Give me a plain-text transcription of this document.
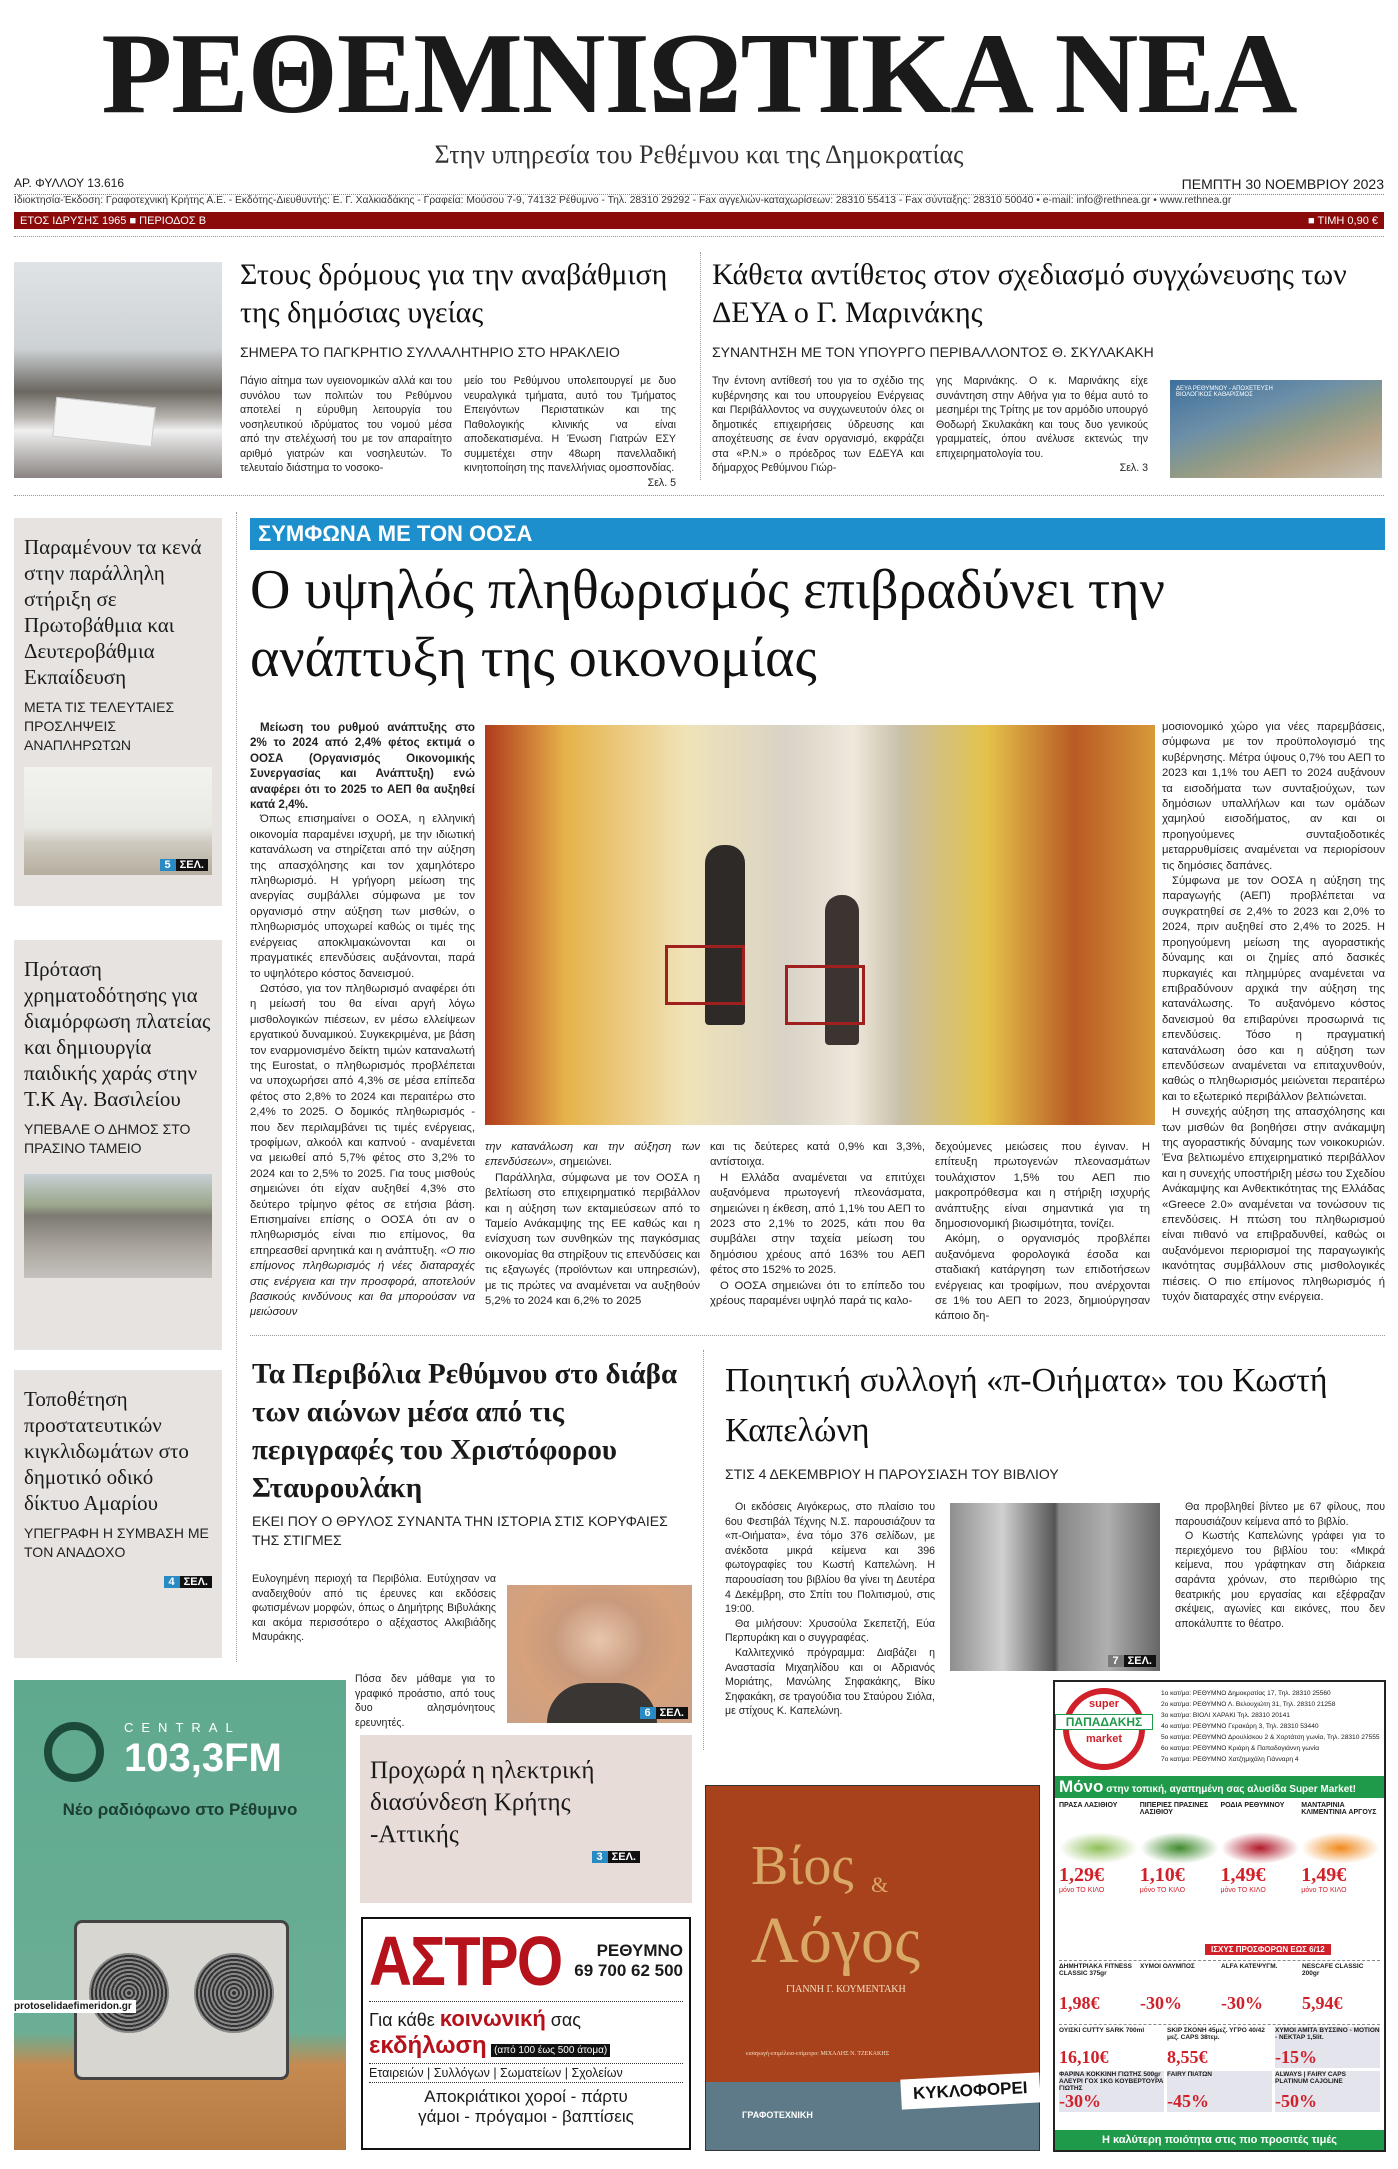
ΡΕΘΕΜΝΙΩΤΙΚΑ ΝΕΑ
Στην υπηρεσία του Ρεθέμνου και της Δημοκρατίας
ΑΡ. ΦΥΛΛΟΥ 13.616	ΠΕΜΠΤΗ 30 ΝΟΕΜΒΡΙΟΥ 2023
Ιδιοκτησία-Έκδοση: Γραφοτεχνική Κρήτης Α.Ε. - Εκδότης-Διευθυντής: Ε. Γ. Χαλκιαδάκης - Γραφεία: Μούσου 7-9, 74132 Ρέθυμνο - Τηλ. 28310 29292 - Fax αγγελιών-καταχωρίσεων: 28310 55413 - Fax σύνταξης: 28310 50040 • e-mail: info@rethnea.gr • www.rethnea.gr
ΕΤΟΣ ΙΔΡΥΣΗΣ 1965 ■ ΠΕΡΙΟΔΟΣ Β	■ ΤΙΜΗ 0,90 €
Στους δρόμους για την αναβάθμιση της δημόσιας υγείας
ΣΗΜΕΡΑ ΤΟ ΠΑΓΚΡΗΤΙΟ ΣΥΛΛΑΛΗΤΗΡΙΟ ΣΤΟ ΗΡΑΚΛΕΙΟ
Πάγιο αίτημα των υγειονομικών αλλά και του συνόλου των πολιτών του Ρεθύμνου αποτελεί η εύρυθμη λειτουργία του νοσηλευτικού ιδρύματος του νομού μέσα από την στελέχωσή του με τον απαραίτητο αριθμό γιατρών και νοσηλευτών. Το τελευταίο διάστημα το νοσοκο-
μείο του Ρεθύμνου υπολειτουργεί με δυο νευραλγικά τμήματα, αυτό του Τμήματος Επειγόντων Περιστατικών και της Παθολογικής κλινικής να είναι αποδεκατισμένα. Η Ένωση Γιατρών ΕΣΥ συμμετέχει στην 48ωρη πανελλαδική κινητοποίηση της πανελλήνιας ομοσπονδίας.
Σελ. 5
Κάθετα αντίθετος στον σχεδιασμό συγχώνευσης των ΔΕΥΑ ο Γ. Μαρινάκης
ΣΥΝΑΝΤΗΣΗ ΜΕ ΤΟΝ ΥΠΟΥΡΓΟ ΠΕΡΙΒΑΛΛΟΝΤΟΣ Θ. ΣΚΥΛΑΚΑΚΗ
Την έντονη αντίθεσή του για το σχέδιο της κυβέρνησης και του υπουργείου Ενέργειας και Περιβάλλοντος να συγχωνευτούν όλες οι δημοτικές επιχειρήσεις ύδρευσης και αποχέτευσης σε έναν οργανισμό, εκφράζει στα «Ρ.Ν.» ο πρόεδρος των ΕΔΕΥΑ και δήμαρχος Ρεθύμνου Γιώρ-
γης Μαρινάκης. Ο κ. Μαρινάκης είχε συνάντηση στην Αθήνα για το θέμα αυτό το μεσημέρι της Τρίτης με τον αρμόδιο υπουργό Θοδωρή Σκυλακάκη και τους δυο γενικούς γραμματείς, όπου ανέλυσε εκτενώς την επιχειρηματολογία του.

Σελ. 3
ΔΕΥΑ ΡΕΘΥΜΝΟΥ - ΑΠΟΧΕΤΕΥΣΗ ΒΙΟΛΟΓΙΚΟΣ ΚΑΘΑΡΙΣΜΟΣ
Παραμένουν τα κενά στην παράλληλη στήριξη σε Πρωτοβάθμια και Δευτεροβάθμια Εκπαίδευση
ΜΕΤΑ ΤΙΣ ΤΕΛΕΥΤΑΙΕΣ ΠΡΟΣΛΗΨΕΙΣ ΑΝΑΠΛΗΡΩΤΩΝ
5 ΣΕΛ.
Πρόταση χρηματοδότησης για διαμόρφωση πλατείας και δημιουργία παιδικής χαράς στην Τ.Κ Αγ. Βασιλείου
ΥΠΕΒΑΛΕ Ο ΔΗΜΟΣ ΣΤΟ ΠΡΑΣΙΝΟ ΤΑΜΕΙΟ
Τοποθέτηση προστατευτικών κιγκλιδωμάτων στο δημοτικό οδικό δίκτυο Αμαρίου
ΥΠΕΓΡΑΦΗ Η ΣΥΜΒΑΣΗ ΜΕ ΤΟΝ ΑΝΑΔΟΧΟ
4 ΣΕΛ.
ΣΥΜΦΩΝΑ ΜΕ ΤΟΝ ΟΟΣΑ
Ο υψηλός πληθωρισμός επιβραδύνει την ανάπτυξη της οικονομίας

Μείωση του ρυθμού ανάπτυξης στο 2% το 2024 από 2,4% φέτος εκτιμά ο ΟΟΣΑ (Οργανισμός Οικονομικής Συνεργασίας και Ανάπτυξη) ενώ αναφέρει ότι το 2025 το ΑΕΠ θα αυξηθεί κατά 2,4%.

Όπως επισημαίνει ο ΟΟΣΑ, η ελληνική οικονομία παραμένει ισχυρή, με την ιδιωτική κατανάλωση να στηρίζεται από την αύξηση της απασχόλησης και τον χαμηλότερο πληθωρισμό. Η γρήγορη μείωση της ανεργίας συμβάλλει σύμφωνα με τον οργανισμό στην αύξηση των μισθών, ο πληθωρισμός υποχωρεί καθώς οι τιμές της ενέργειας αποκλιμακώνονται και οι πραγματικές επενδύσεις αυξάνονται, παρά το υψηλότερο κόστος δανεισμού.

Ωστόσο, για τον πληθωρισμό αναφέρει ότι η μείωσή του θα είναι αργή λόγω μισθολογικών πιέσεων, εν μέσω ελλείψεων εργατικού δυναμικού. Συγκεκριμένα, με βάση τον εναρμονισμένο δείκτη τιμών καταναλωτή της Eurostat, ο πληθωρισμός προβλέπεται να υποχωρήσει από 4,3% σε μέσα επίπεδα φέτος στο 2,8% το 2024 και περαιτέρω στο 2,4% το 2025. Ο δομικός πληθωρισμός - που δεν περιλαμβάνει τις τιμές ενέργειας, τροφίμων, αλκοόλ και καπνού - αναμένεται να μειωθεί από 5,7% φέτος στο 3,2% το 2024 και το 2,5% το 2025. Για τους μισθούς σημειώνει ότι είχαν αυξηθεί 4,3% στο δεύτερο τρίμηνο φέτος σε ετήσια βάση. Επισημαίνει επίσης ο ΟΟΣΑ ότι αν ο πληθωρισμός είναι πιο επίμονος, θα επηρεασθεί αρνητικά και η ανάπτυξη. «Ο πιο επίμονος πληθωρισμός ή νέες διαταραχές στις ενέργεια και την προσφορά, αποτελούν βασικούς κινδύνους και θα μπορούσαν να μειώσουν

την κατανάλωση και την αύξηση των επενδύσεων», σημειώνει.

Παράλληλα, σύμφωνα με τον ΟΟΣΑ η βελτίωση στο επιχειρηματικό περιβάλλον και η αύξηση των εκταμιεύσεων από το Ταμείο Ανάκαμψης της ΕΕ καθώς και η ενίσχυση των συνθηκών της παγκόσμιας οικονομίας θα στηρίξουν τις επενδύσεις και τις εξαγωγές (προϊόντων και υπηρεσιών), με τις πρώτες να αναμένεται να αυξηθούν 5,2% το 2024 και 6,2% το 2025

και τις δεύτερες κατά 0,9% και 3,3%, αντίστοιχα.

Η Ελλάδα αναμένεται να επιτύχει αυξανόμενα πρωτογενή πλεονάσματα, σημειώνει η έκθεση, από 1,1% του ΑΕΠ το 2023 στο 2,1% το 2025, κάτι που θα συμβάλει στην ταχεία μείωση του δημόσιου χρέους από 163% του ΑΕΠ φέτος στο 152% το 2025.

Ο ΟΟΣΑ σημειώνει ότι το επίπεδο του χρέους παραμένει υψηλό παρά τις καλο-

δεχούμενες μειώσεις που έγιναν. Η επίτευξη πρωτογενών πλεονασμάτων τουλάχιστον 1,5% του ΑΕΠ πιο μακροπρόθεσμα και η στήριξη ισχυρής ανάπτυξης είναι σημαντικά για τη δημοσιονομική βιωσιμότητα, τονίζει.

Ακόμη, ο οργανισμός προβλέπει αυξανόμενα φορολογικά έσοδα και σταδιακή κατάργηση των επιδοτήσεων ενέργειας και τροφίμων, που ανέρχονται σε 1% του ΑΕΠ το 2023, δημιούργησαν κάποιο δη-

μοσιονομικό χώρο για νέες παρεμβάσεις, σύμφωνα με τον προϋπολογισμό της κυβέρνησης. Μέτρα ύψους 0,7% του ΑΕΠ το 2023 και 1,1% του ΑΕΠ το 2024 αυξάνουν τα εισοδήματα των συνταξιούχων, των δημόσιων υπαλλήλων και των ομάδων χαμηλού εισοδήματος, αν και οι προηγούμενες συνταξιοδοτικές μεταρρυθμίσεις αναμένεται να περιορίσουν τις δημόσιες δαπάνες.

Σύμφωνα με τον ΟΟΣΑ η αύξηση της παραγωγής (ΑΕΠ) προβλέπεται να συγκρατηθεί σε 2,4% το 2023 και 2,0% το 2024, πριν αυξηθεί στο 2,4% το 2025. Η προηγούμενη μείωση της αγοραστικής δύναμης και οι ζημίες από δασικές πυρκαγιές και πλημμύρες αναμένεται να επιβραδύνουν αρχικά την αύξηση της κατανάλωσης. Το αυξανόμενο κόστος δανεισμού θα επιβαρύνει προσωρινά τις επενδύσεις. Τόσο η πραγματική κατανάλωση όσο και η αύξηση των επενδύσεων αναμένεται να επιταχυνθούν, καθώς ο πληθωρισμός μειώνεται περαιτέρω και το εξωτερικό περιβάλλον βελτιώνεται.

Η συνεχής αύξηση της απασχόλησης και των μισθών θα βοηθήσει στην ανάκαμψη της αγοραστικής δύναμης των νοικοκυριών. Ένα βελτιωμένο επιχειρηματικό περιβάλλον και η συνεχής υποστήριξη μέσω του Σχεδίου Ανάκαμψης και Ανθεκτικότητας της Ελλάδας «Greece 2.0» αναμένεται να τονώσουν τις επενδύσεις. Η πτώση του πληθωρισμού είναι πιθανό να επιβραδυνθεί, καθώς οι αυξανόμενοι περιορισμοί της παραγωγικής ικανότητας συμβάλλουν στις μισθολογικές πιέσεις. Ο πιο επίμονος πληθωρισμός ή τυχόν διαταραχές στην ενέργεια.

Τα Περιβόλια Ρεθύμνου στο διάβα των αιώνων μέσα από τις περιγραφές του Χριστόφορου Σταυρουλάκη
ΕΚΕΙ ΠΟΥ Ο ΘΡΥΛΟΣ ΣΥΝΑΝΤΑ ΤΗΝ ΙΣΤΟΡΙΑ ΣΤΙΣ ΚΟΡΥΦΑΙΕΣ ΤΗΣ ΣΤΙΓΜΕΣ
Ευλογημένη περιοχή τα Περιβόλια. Ευτύχησαν να αναδειχθούν από τις έρευνες και εκδόσεις φωτισμένων μορφών, όπως ο Δημήτρης Βιβυλάκης και ακόμα περισσότερο ο αξέχαστος Αλκιβιάδης Μαυράκης.
Πόσα δεν μάθαμε για το γραφικό προάστιο, από τους δυο αλησμόνητους ερευνητές.
6 ΣΕΛ.
Ποιητική συλλογή «π-Οιήματα» του Κωστή Καπελώνη
ΣΤΙΣ 4 ΔΕΚΕΜΒΡΙΟΥ Η ΠΑΡΟΥΣΙΑΣΗ ΤΟΥ ΒΙΒΛΙΟΥ

Οι εκδόσεις Αιγόκερως, στο πλαίσιο του 6ου Φεστιβάλ Τέχνης Ν.Σ. παρουσιάζουν τα «π-Οιήματα», ένα τόμο 376 σελίδων, με ανέκδοτα μικρά κείμενα και 396 φωτογραφίες του Κωστή Καπελώνη. Η παρουσίαση του βιβλίου θα γίνει τη Δευτέρα 4 Δεκέμβρη, στο Σπίτι του Πολιτισμού, στις 19:00.

Θα μιλήσουν: Χρυσούλα Σκεπετζή, Εύα Περπυράκη και ο συγγραφέας.

Καλλιτεχνικό πρόγραμμα: Διαβάζει η Αναστασία Μιχαηλίδου και οι Αδριανός Μοριάτης, Μανώλης Σηφακάκης, Βίκυ Σηφακάκη, σε τραγούδια του Σταύρου Σιόλα, με στίχους Κ. Καπελώνη.

7 ΣΕΛ.

Θα προβληθεί βίντεο με 67 φίλους, που παρουσιάζουν κείμενα από το βιβλίο.

Ο Κωστής Καπελώνης γράφει για το περιεχόμενο του βιβλίου του: «Μικρά κείμενα, που γράφτηκαν στη διάρκεια σαράντα χρόνων, στο περιθώριο της θεατρικής μου εργασίας και εξέφραζαν σκέψεις, αγωνίες και εικόνες, που δεν αποκάλυπτε το θέατρο.

CENTRAL
103,3FM
Νέο ραδιόφωνο στο Ρέθυμνο
protoselidaefimeridon.gr
Προχωρά η ηλεκτρική διασύνδεση Κρήτης -Αττικής
3 ΣΕΛ.
ΑΣΤΡΟ	ΡΕΘΥΜΝΟ
69 700 62 500
Για κάθε κοινωνική σας
εκδήλωση (από 100 έως 500 άτομα)
Εταιρειών | Συλλόγων | Σωματείων | Σχολείων
Αποκριάτικοι χοροί - πάρτυ
γάμοι - πρόγαμοι - βαπτίσεις
Βίος &
Λόγος
ΓΙΑΝΝΗ Γ. ΚΟΥΜΕΝΤΑΚΗ
εισαγωγή-επιμέλεια-επίμετρο: ΜΙΧΑΛΗΣ Ν. ΤΖΕΚΑΚΗΣ
ΓΡΑΦΟΤΕΧΝΙΚΗ
ΚΥΚΛΟΦΟΡΕΙ
super
ΠΑΠΑΔΑΚΗΣ
market
1ο κατ/μα: ΡΕΘΥΜΝΟ Δημοκρατίας 17, Τηλ. 28310 25560
2ο κατ/μα: ΡΕΘΥΜΝΟ Λ. Βελουχιώτη 31, Τηλ. 28310 21258
3ο κατ/μα: ΒΙΟΛΙ ΧΑΡΑΚΙ Τηλ. 28310 20141
4ο κατ/μα: ΡΕΘΥΜΝΟ Γερακάρη 3, Τηλ. 28310 53440
5ο κατ/μα: ΡΕΘΥΜΝΟ Δρουλίσκου 2 & Χορτάτση γωνία, Τηλ. 28310 27555
6ο κατ/μα: ΡΕΘΥΜΝΟ Κριάρη & Παπαδογιάννη γωνία
7ο κατ/μα: ΡΕΘΥΜΝΟ Χατζημιχάλη Γιάνναρη 4
Μόνο στην τοπική, αγαπημένη σας αλυσίδα Super Market!
ΠΡΑΣΑ ΛΑΣΙΘΙΟΥ
1,29€
μόνο ΤΟ ΚΙΛΟ
ΠΙΠΕΡΙΕΣ ΠΡΑΣΙΝΕΣ ΛΑΣΙΘΙΟΥ
1,10€
μόνο ΤΟ ΚΙΛΟ
ΡΟΔΙΑ ΡΕΘΥΜΝΟΥ
1,49€
μόνο ΤΟ ΚΙΛΟ
ΜΑΝΤΑΡΙΝΙΑ ΚΛΙΜΕΝΤΙΝΙΑ ΑΡΓΟΥΣ
1,49€
μόνο ΤΟ ΚΙΛΟ
ΙΣΧΥΣ ΠΡΟΣΦΟΡΩΝ ΕΩΣ 6/12
ΔΗΜΗΤΡΙΑΚΑ FITNESS CLASSIC 375gr
1,98€
ΧΥΜΟΙ ΟΛΥΜΠΟΣ
-30%
ALFA ΚΑΤΕΨΥΓΜ.
-30%
NESCAFE CLASSIC 200gr
5,94€
ΟΥΙΣΚΙ CUTTY SARK 700ml
16,10€
SKIP ΣΚΟΝΗ 45μεζ. ΥΓΡΟ 40/42 μεζ. CAPS 38τεμ.
8,55€
ΧΥΜΟΙ ΑΜΙΤΑ ΒΥΣΣΙΝΟ - MOTION - ΝΕΚΤΑΡ 1,5lit.
-15%
ΦΑΡΙΝΑ ΚΟΚΚΙΝΗ ΓΙΩΤΗΣ 500gr ΑΛΕΥΡΙ ΓΟΧ 1KG ΚΟΥΒΕΡΤΟΥΡΑ ΓΙΩΤΗΣ
-30%
FAIRY ΠΙΑΤΩΝ
-45%
ALWAYS | FAIRY CAPS PLATINUM CAJOLINE
-50%
Η καλύτερη ποιότητα στις πιο προσιτές τιμές
